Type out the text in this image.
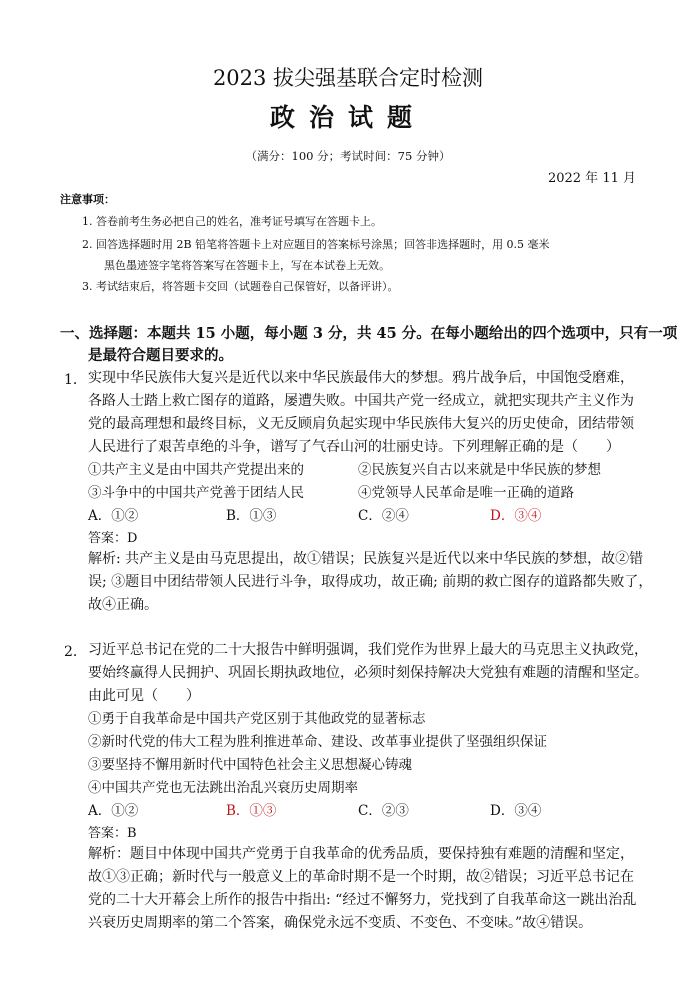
2023 拔尖强基联合定时检测
政治试题
（满分：100 分；考试时间：75 分钟）
2022 年 11 月
注意事项：
1. 答卷前考生务必把自己的姓名，准考证号填写在答题卡上。
2. 回答选择题时用 2B 铅笔将答题卡上对应题目的答案标号涂黑；回答非选择题时，用 0.5 毫米
黑色墨迹签字笔将答案写在答题卡上，写在本试卷上无效。
3. 考试结束后，将答题卡交回（试题卷自己保管好，以备评讲）。
一、选择题：本题共 15 小题，每小题 3 分，共 45 分。在每小题给出的四个选项中，只有一项
是最符合题目要求的。
1． 实现中华民族伟大复兴是近代以来中华民族最伟大的梦想。鸦片战争后，中国饱受磨难，
各路人士踏上救亡图存的道路，屡遭失败。中国共产党一经成立，就把实现共产主义作为
党的最高理想和最终目标，义无反顾肩负起实现中华民族伟大复兴的历史使命，团结带领
人民进行了艰苦卓绝的斗争，谱写了气吞山河的壮丽史诗。下列理解正确的是（　　）
①共产主义是由中国共产党提出来的	②民族复兴自古以来就是中华民族的梦想
③斗争中的中国共产党善于团结人民	④党领导人民革命是唯一正确的道路
A．①②	B．①③	C．②④	D．③④
答案：D
解析: 共产主义是由马克思提出，故①错误；民族复兴是近代以来中华民族的梦想，故②错
误; ③题目中团结带领人民进行斗争，取得成功，故正确; 前期的救亡图存的道路都失败了，
故④正确。
2． 习近平总书记在党的二十大报告中鲜明强调，我们党作为世界上最大的马克思主义执政党，
要始终赢得人民拥护、巩固长期执政地位，必须时刻保持解决大党独有难题的清醒和坚定。
由此可见（　　）
①勇于自我革命是中国共产党区别于其他政党的显著标志
②新时代党的伟大工程为胜利推进革命、建设、改革事业提供了坚强组织保证
③要坚持不懈用新时代中国特色社会主义思想凝心铸魂
④中国共产党也无法跳出治乱兴衰历史周期率
A．①②	B．①③	C．②③	D．③④
答案：B
解析：题目中体现中国共产党勇于自我革命的优秀品质，要保持独有难题的清醒和坚定，
故①③正确；新时代与一般意义上的革命时期不是一个时期，故②错误；习近平总书记在
党的二十大开幕会上所作的报告中指出: “经过不懈努力，党找到了自我革命这一跳出治乱
兴衰历史周期率的第二个答案，确保党永远不变质、不变色、不变味。”故④错误。
